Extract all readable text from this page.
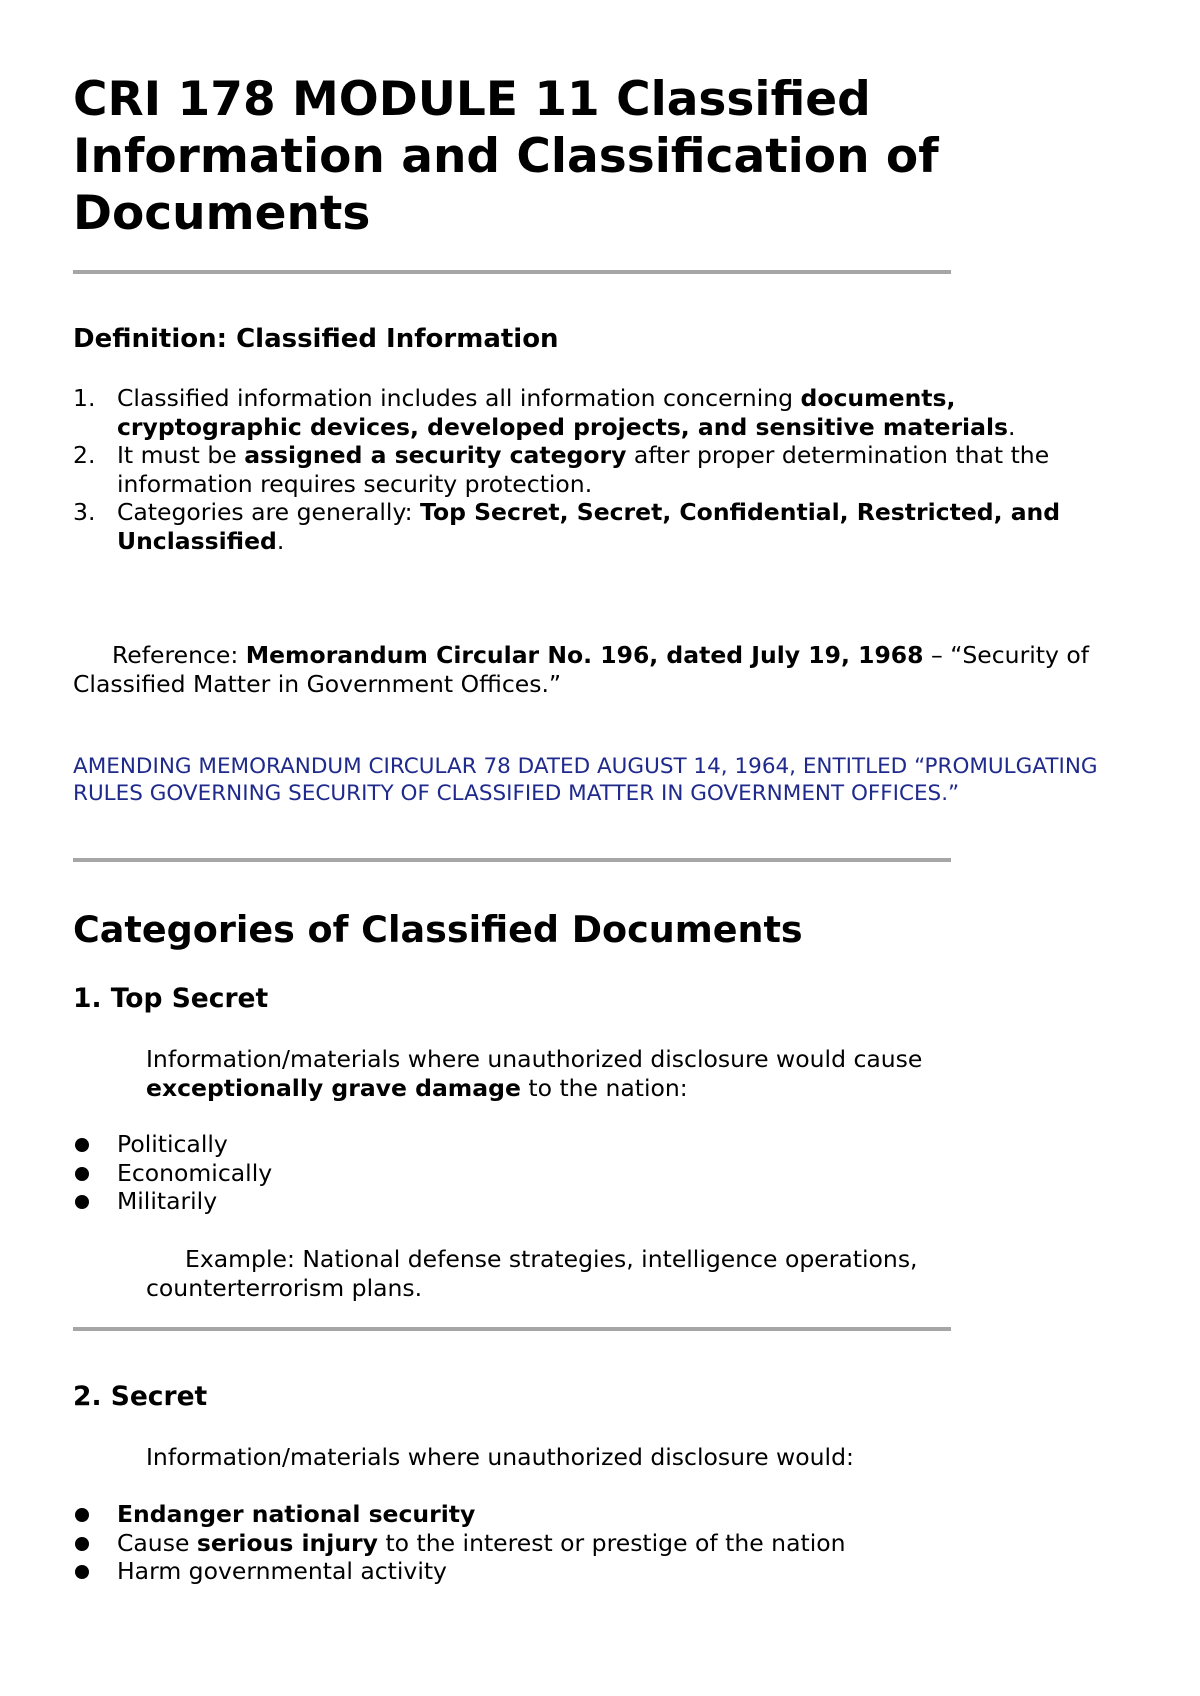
CRI 178 MODULE 11 Classified Information and Classification of Documents
Definition: Classified Information
1. Classified information includes all information concerning documents, cryptographic devices, developed projects, and sensitive materials.
2. It must be assigned a security category after proper determination that the information requires security protection.
3. Categories are generally: Top Secret, Secret, Confidential, Restricted, and Unclassified.

Reference: Memorandum Circular No. 196, dated July 19, 1968 – “Security of Classified Matter in Government Offices.”

AMENDING MEMORANDUM CIRCULAR 78 DATED AUGUST 14, 1964, ENTITLED “PROMULGATING RULES GOVERNING SECURITY OF CLASSIFIED MATTER IN GOVERNMENT OFFICES.”

Categories of Classified Documents
1. Top Secret

Information/materials where unauthorized disclosure would cause exceptionally grave damage to the nation:

Politically
Economically
Militarily

Example: National defense strategies, intelligence operations, counterterrorism plans.

2. Secret

Information/materials where unauthorized disclosure would:

Endanger national security
Cause serious injury to the interest or prestige of the nation
Harm governmental activity
